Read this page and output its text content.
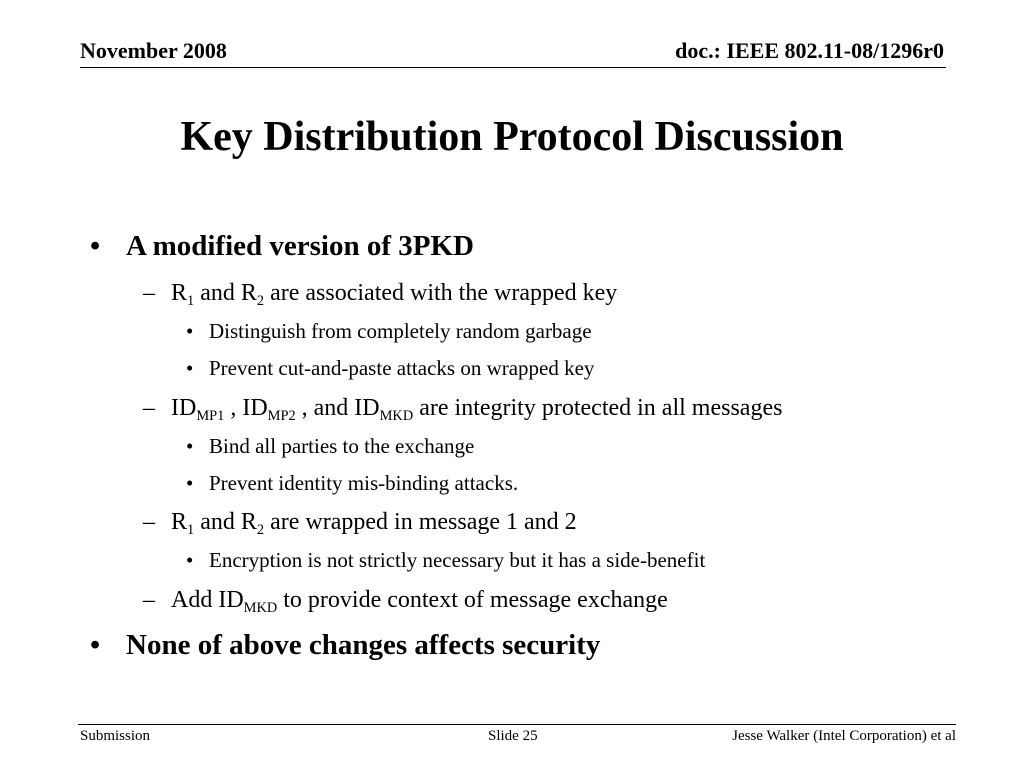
November 2008	doc.: IEEE 802.11-08/1296r0
Key Distribution Protocol Discussion
• A modified version of 3PKD
– $R_1$ and $R_2$ are associated with the wrapped key
• Distinguish from completely random garbage
• Prevent cut-and-paste attacks on wrapped key
– $ID_{MP1}$ , $ID_{MP2}$ , and $ID_{MKD}$ are integrity protected in all messages
• Bind all parties to the exchange
• Prevent identity mis-binding attacks.
– $R_1$ and $R_2$ are wrapped in message 1 and 2
• Encryption is not strictly necessary but it has a side-benefit
– Add $ID_{MKD}$ to provide context of message exchange
• None of above changes affects security
Submission	Slide 25	Jesse Walker (Intel Corporation) et al
